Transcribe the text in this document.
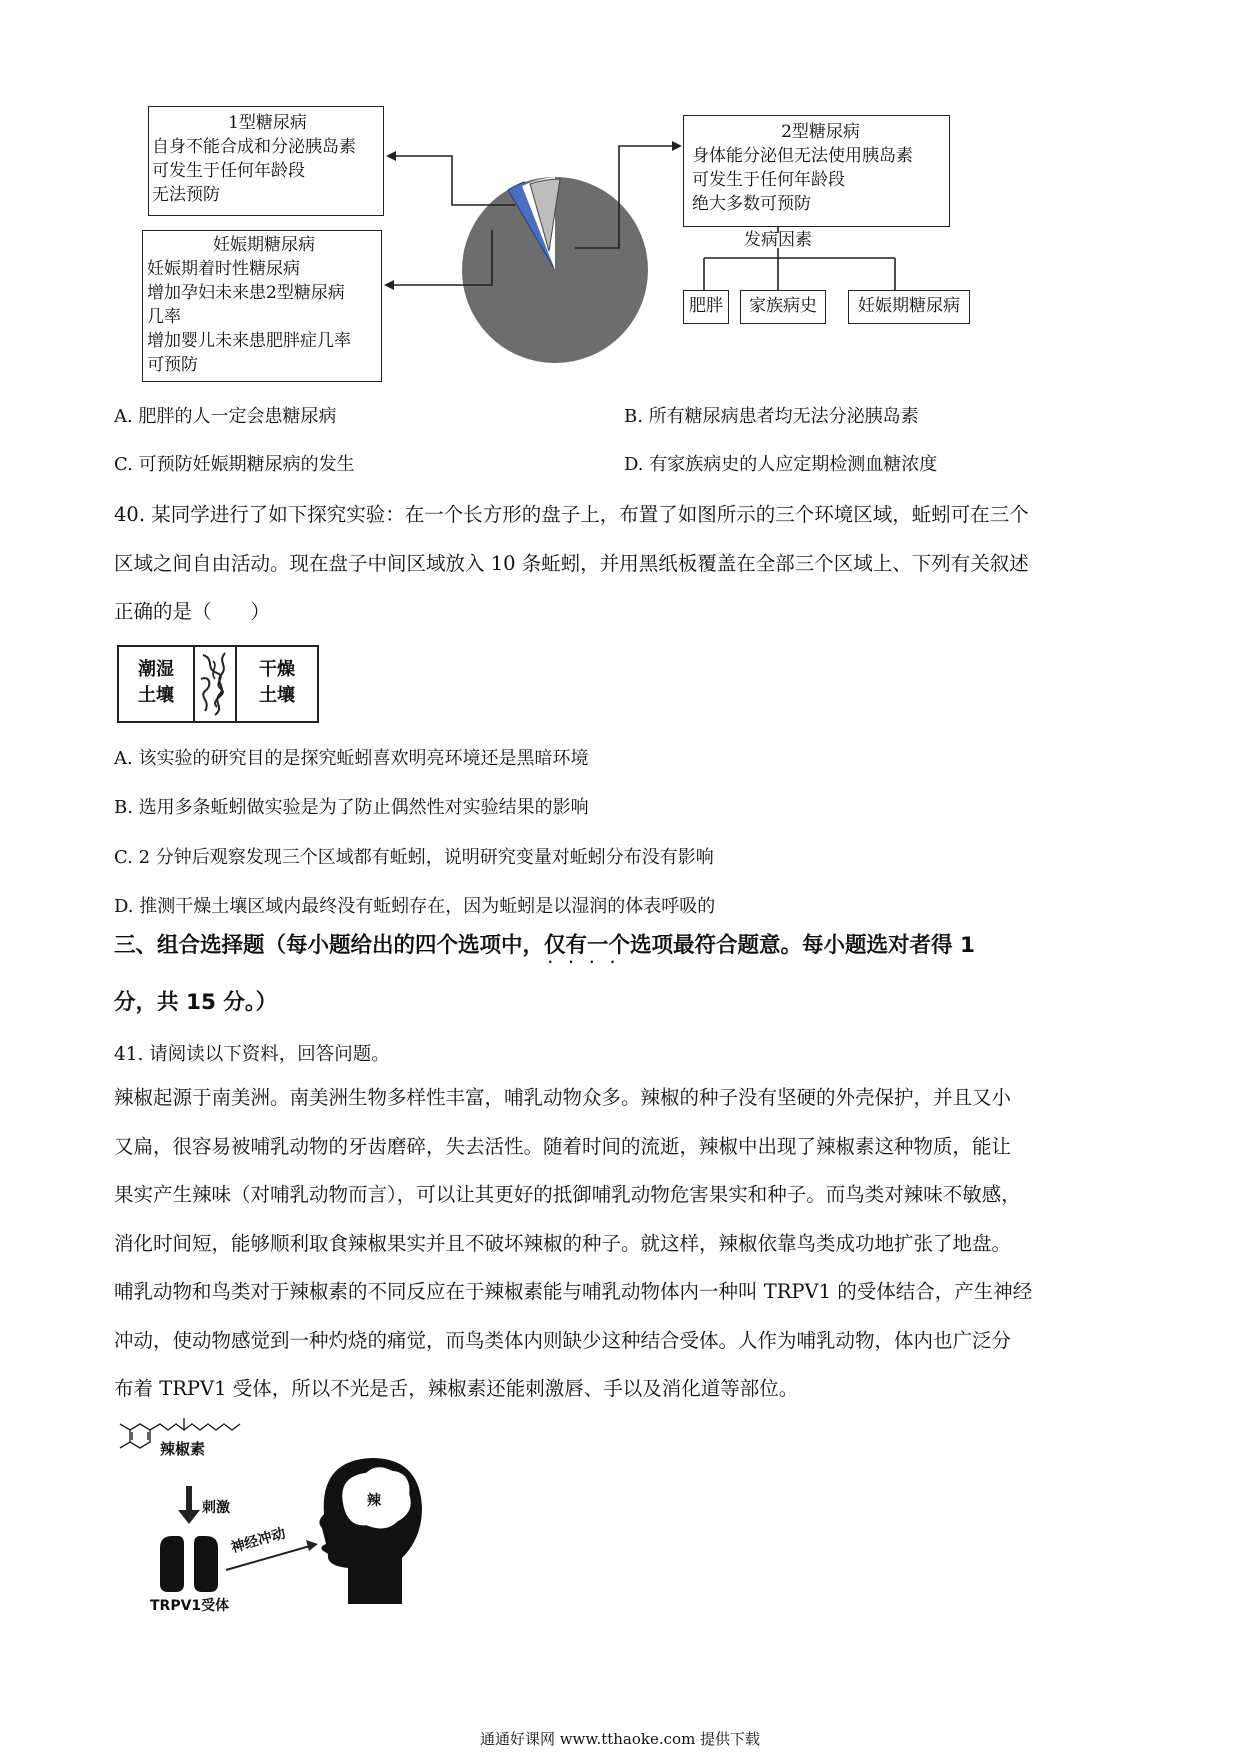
1型糖尿病
自身不能合成和分泌胰岛素
可发生于任何年龄段
无法预防
妊娠期糖尿病
妊娠期着时性糖尿病
增加孕妇未来患2型糖尿病
几率
增加婴儿未来患肥胖症几率
可预防
2型糖尿病
身体能分泌但无法使用胰岛素
可发生于任何年龄段
绝大多数可预防
发病因素
肥胖	家族病史	妊娠期糖尿病
A. 肥胖的人一定会患糖尿病	B. 所有糖尿病患者均无法分泌胰岛素
C. 可预防妊娠期糖尿病的发生	D. 有家族病史的人应定期检测血糖浓度
40. 某同学进行了如下探究实验：在一个长方形的盘子上，布置了如图所示的三个环境区域，蚯蚓可在三个
区域之间自由活动。现在盘子中间区域放入 10 条蚯蚓，并用黑纸板覆盖在全部三个区域上、下列有关叙述
正确的是（　　）
潮湿
土壤
干燥
土壤
A. 该实验的研究目的是探究蚯蚓喜欢明亮环境还是黑暗环境
B. 选用多条蚯蚓做实验是为了防止偶然性对实验结果的影响
C. 2 分钟后观察发现三个区域都有蚯蚓，说明研究变量对蚯蚓分布没有影响
D. 推测干燥土壤区域内最终没有蚯蚓存在，因为蚯蚓是以湿润的体表呼吸的
三、组合选择题（每小题给出的四个选项中，仅有一个 · · · ·选项最符合题意。每小题选对者得 1
分，共 15 分。）
41. 请阅读以下资料，回答问题。
辣椒起源于南美洲。南美洲生物多样性丰富，哺乳动物众多。辣椒的种子没有坚硬的外壳保护，并且又小
又扁，很容易被哺乳动物的牙齿磨碎，失去活性。随着时间的流逝，辣椒中出现了辣椒素这种物质，能让
果实产生辣味（对哺乳动物而言），可以让其更好的抵御哺乳动物危害果实和种子。而鸟类对辣味不敏感，
消化时间短，能够顺利取食辣椒果实并且不破坏辣椒的种子。就这样，辣椒依靠鸟类成功地扩张了地盘。
哺乳动物和鸟类对于辣椒素的不同反应在于辣椒素能与哺乳动物体内一种叫 TRPV1 的受体结合，产生神经
冲动，使动物感觉到一种灼烧的痛觉，而鸟类体内则缺少这种结合受体。人作为哺乳动物，体内也广泛分
布着 TRPV1 受体，所以不光是舌，辣椒素还能刺激唇、手以及消化道等部位。
辣椒素
刺激
神经冲动
TRPV1受体
辣
通通好课网 www.tthaoke.com 提供下载
